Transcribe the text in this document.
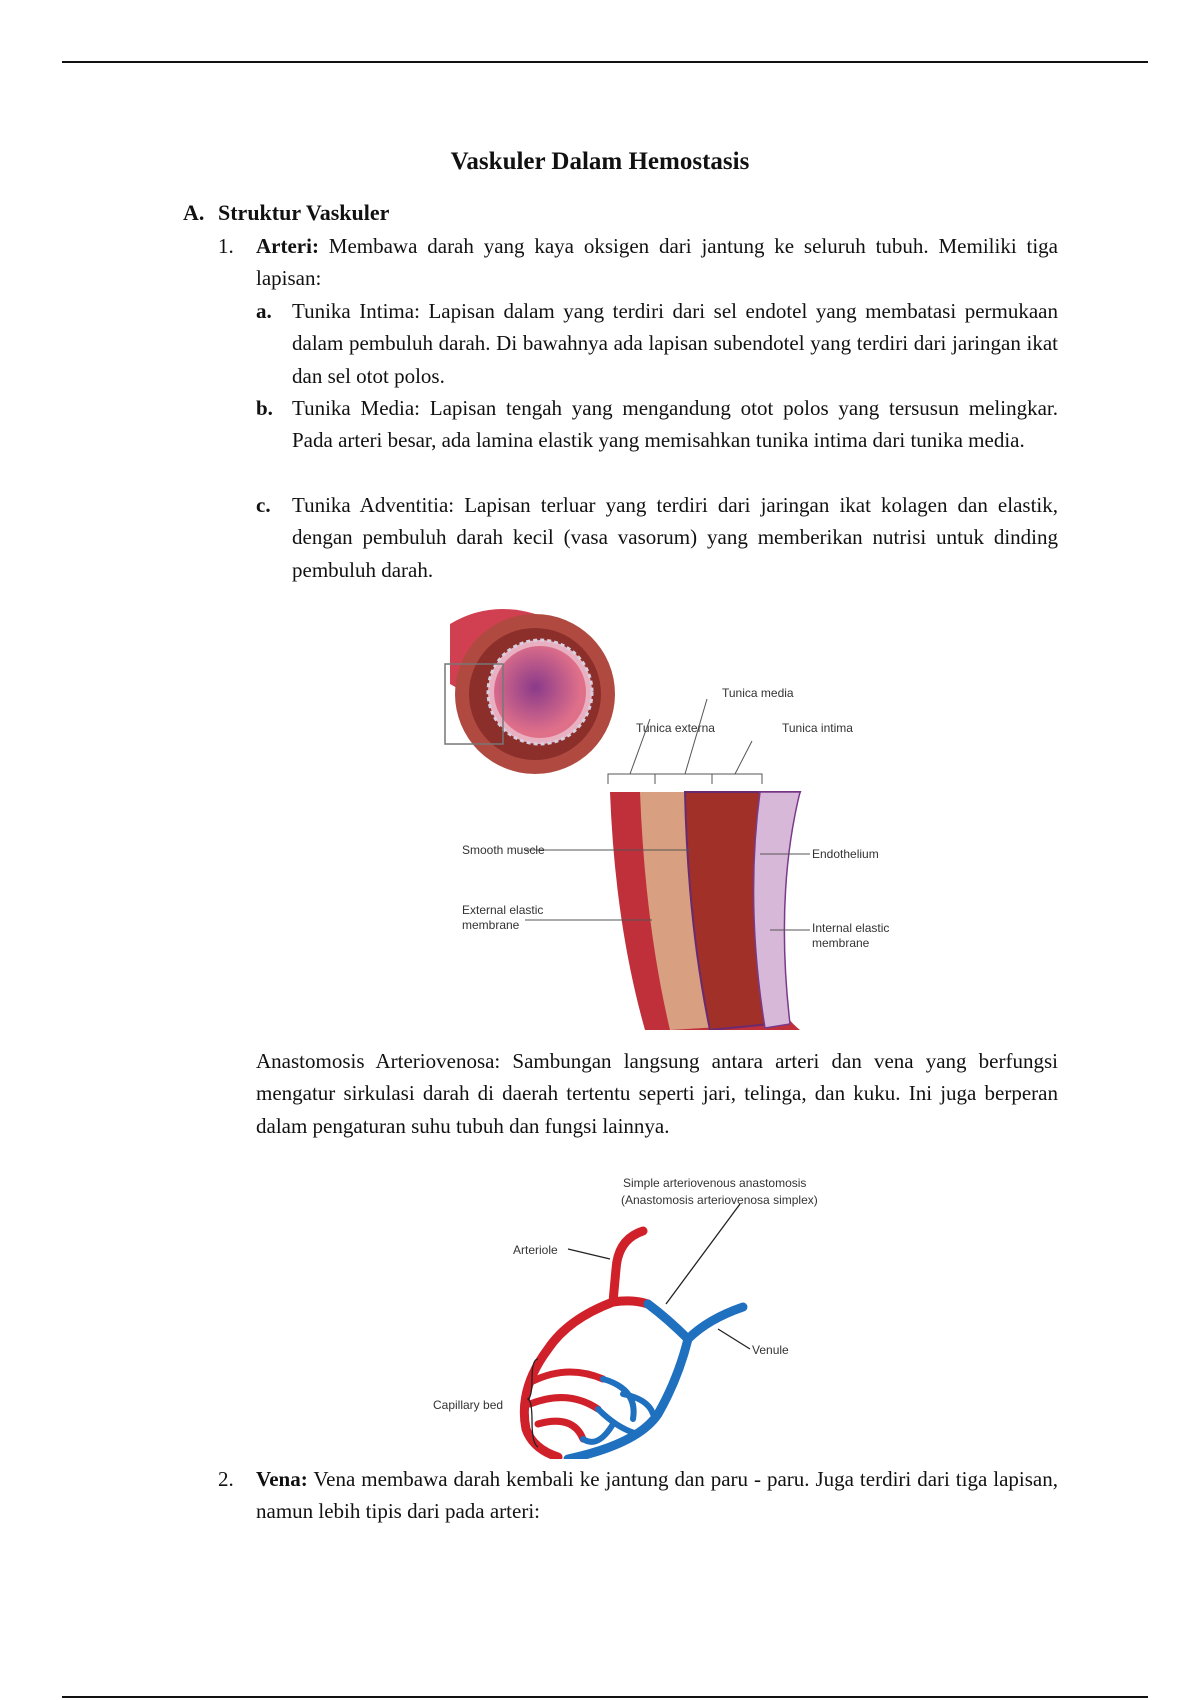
Vaskuler Dalam Hemostasis
A. Struktur Vaskuler
1. Arteri: Membawa darah yang kaya oksigen dari jantung ke seluruh tubuh. Memiliki tiga lapisan:
a. Tunika Intima: Lapisan dalam yang terdiri dari sel endotel yang membatasi permukaan dalam pembuluh darah. Di bawahnya ada lapisan subendotel yang terdiri dari jaringan ikat dan sel otot polos.
b. Tunika Media: Lapisan tengah yang mengandung otot polos yang tersusun melingkar. Pada arteri besar, ada lamina elastik yang memisahkan tunika intima dari tunika media.
c. Tunika Adventitia: Lapisan terluar yang terdiri dari jaringan ikat kolagen dan elastik, dengan pembuluh darah kecil (vasa vasorum) yang memberikan nutrisi untuk dinding pembuluh darah.
Tunica media
Tunica externa	Tunica intima
Smooth muscle	Endothelium
External elastic
membrane	Internal elastic
membrane
Anastomosis Arteriovenosa: Sambungan langsung antara arteri dan vena yang berfungsi mengatur sirkulasi darah di daerah tertentu seperti jari, telinga, dan kuku. Ini juga berperan dalam pengaturan suhu tubuh dan fungsi lainnya.
Simple arteriovenous anastomosis
(Anastomosis arteriovenosa simplex)
Arteriole
Venule
Capillary bed
2. Vena: Vena membawa darah kembali ke jantung dan paru - paru. Juga terdiri dari tiga lapisan, namun lebih tipis dari pada arteri:
